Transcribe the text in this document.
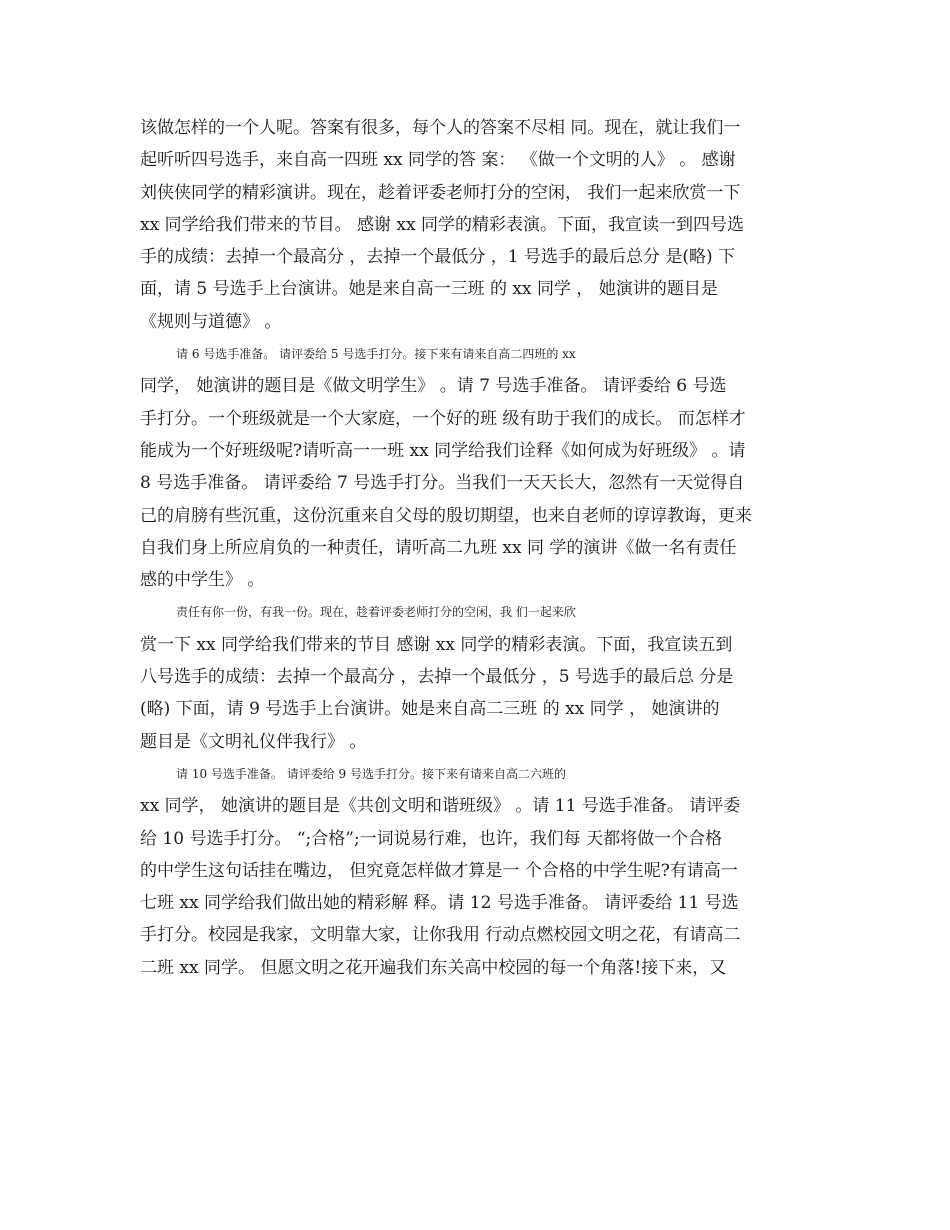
该做怎样的一个人呢。答案有很多，每个人的答案不尽相 同。现在，就让我们一
起听听四号选手，来自高一四班 xx 同学的答 案： 《做一个文明的人》 。 感谢
刘侠侠同学的精彩演讲。现在，趁着评委老师打分的空闲， 我们一起来欣赏一下
xx 同学给我们带来的节目。 感谢 xx 同学的精彩表演。下面，我宣读一到四号选
手的成绩：去掉一个最高分 ，去掉一个最低分 ，1 号选手的最后总分 是(略) 下
面，请 5 号选手上台演讲。她是来自高一三班 的 xx 同学 ， 她演讲的题目是
《规则与道德》 。
请 6 号选手准备。 请评委给 5 号选手打分。接下来有请来自高二四班的 xx
同学， 她演讲的题目是《做文明学生》 。请 7 号选手准备。 请评委给 6 号选
手打分。一个班级就是一个大家庭，一个好的班 级有助于我们的成长。 而怎样才
能成为一个好班级呢?请听高一一班 xx 同学给我们诠释《如何成为好班级》 。请
8 号选手准备。 请评委给 7 号选手打分。当我们一天天长大，忽然有一天觉得自
己的肩膀有些沉重，这份沉重来自父母的殷切期望，也来自老师的谆谆教诲，更来
自我们身上所应肩负的一种责任，请听高二九班 xx 同 学的演讲《做一名有责任
感的中学生》 。
责任有你一份，有我一份。现在，趁着评委老师打分的空闲，我 们一起来欣
赏一下 xx 同学给我们带来的节目 感谢 xx 同学的精彩表演。下面，我宣读五到
八号选手的成绩：去掉一个最高分 ，去掉一个最低分 ，5 号选手的最后总 分是
(略) 下面，请 9 号选手上台演讲。她是来自高二三班 的 xx 同学 ， 她演讲的
题目是《文明礼仪伴我行》 。
请 10 号选手准备。 请评委给 9 号选手打分。接下来有请来自高二六班的
xx 同学， 她演讲的题目是《共创文明和谐班级》 。请 11 号选手准备。 请评委
给 10 号选手打分。 “;合格”;一词说易行难，也许，我们每 天都将做一个合格
的中学生这句话挂在嘴边， 但究竟怎样做才算是一 个合格的中学生呢?有请高一
七班 xx 同学给我们做出她的精彩解 释。请 12 号选手准备。 请评委给 11 号选
手打分。校园是我家，文明靠大家，让你我用 行动点燃校园文明之花，有请高二
二班 xx 同学。 但愿文明之花开遍我们东关高中校园的每一个角落!接下来，又
